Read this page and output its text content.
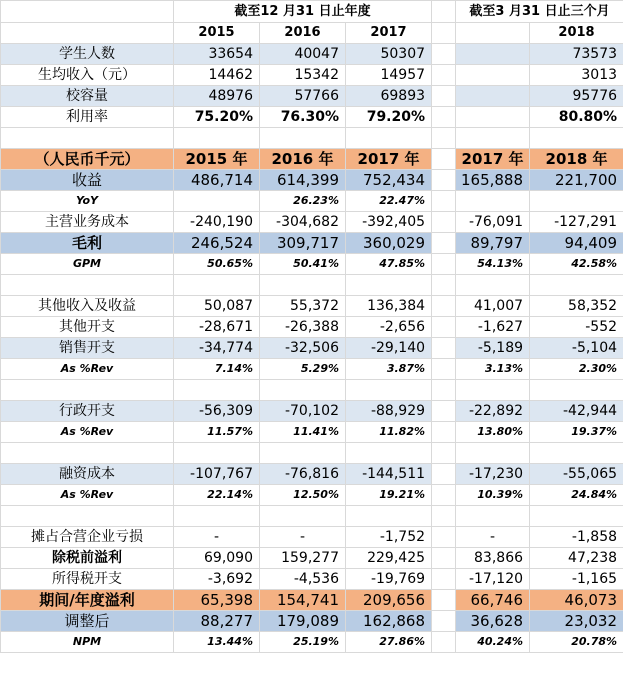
	截至12 月31 日止年度				截至3 月31 日止三个月	
	2015	2016	2017			2018
学生人数	33654	40047	50307			73573
生均收入（元）	14462	15342	14957			3013
校容量	48976	57766	69893			95776
利用率	75.20%	76.30%	79.20%			80.80%

（人民币千元）	2015 年	2016 年	2017 年		2017 年	2018 年
收益	486,714	614,399	752,434		165,888	221,700
YoY		26.23%	22.47%			
主营业务成本	-240,190	-304,682	-392,405		-76,091	-127,291
毛利	246,524	309,717	360,029		89,797	94,409
GPM	50.65%	50.41%	47.85%		54.13%	42.58%

其他收入及收益	50,087	55,372	136,384		41,007	58,352
其他开支	-28,671	-26,388	-2,656		-1,627	-552
销售开支	-34,774	-32,506	-29,140		-5,189	-5,104
As %Rev	7.14%	5.29%	3.87%		3.13%	2.30%

行政开支	-56,309	-70,102	-88,929		-22,892	-42,944
As %Rev	11.57%	11.41%	11.82%		13.80%	19.37%

融资成本	-107,767	-76,816	-144,511		-17,230	-55,065
As %Rev	22.14%	12.50%	19.21%		10.39%	24.84%

摊占合营企业亏损	-	-	-1,752		-	-1,858
除税前溢利	69,090	159,277	229,425		83,866	47,238
所得税开支	-3,692	-4,536	-19,769		-17,120	-1,165
期间/年度溢利	65,398	154,741	209,656		66,746	46,073
调整后	88,277	179,089	162,868		36,628	23,032
NPM	13.44%	25.19%	27.86%		40.24%	20.78%
